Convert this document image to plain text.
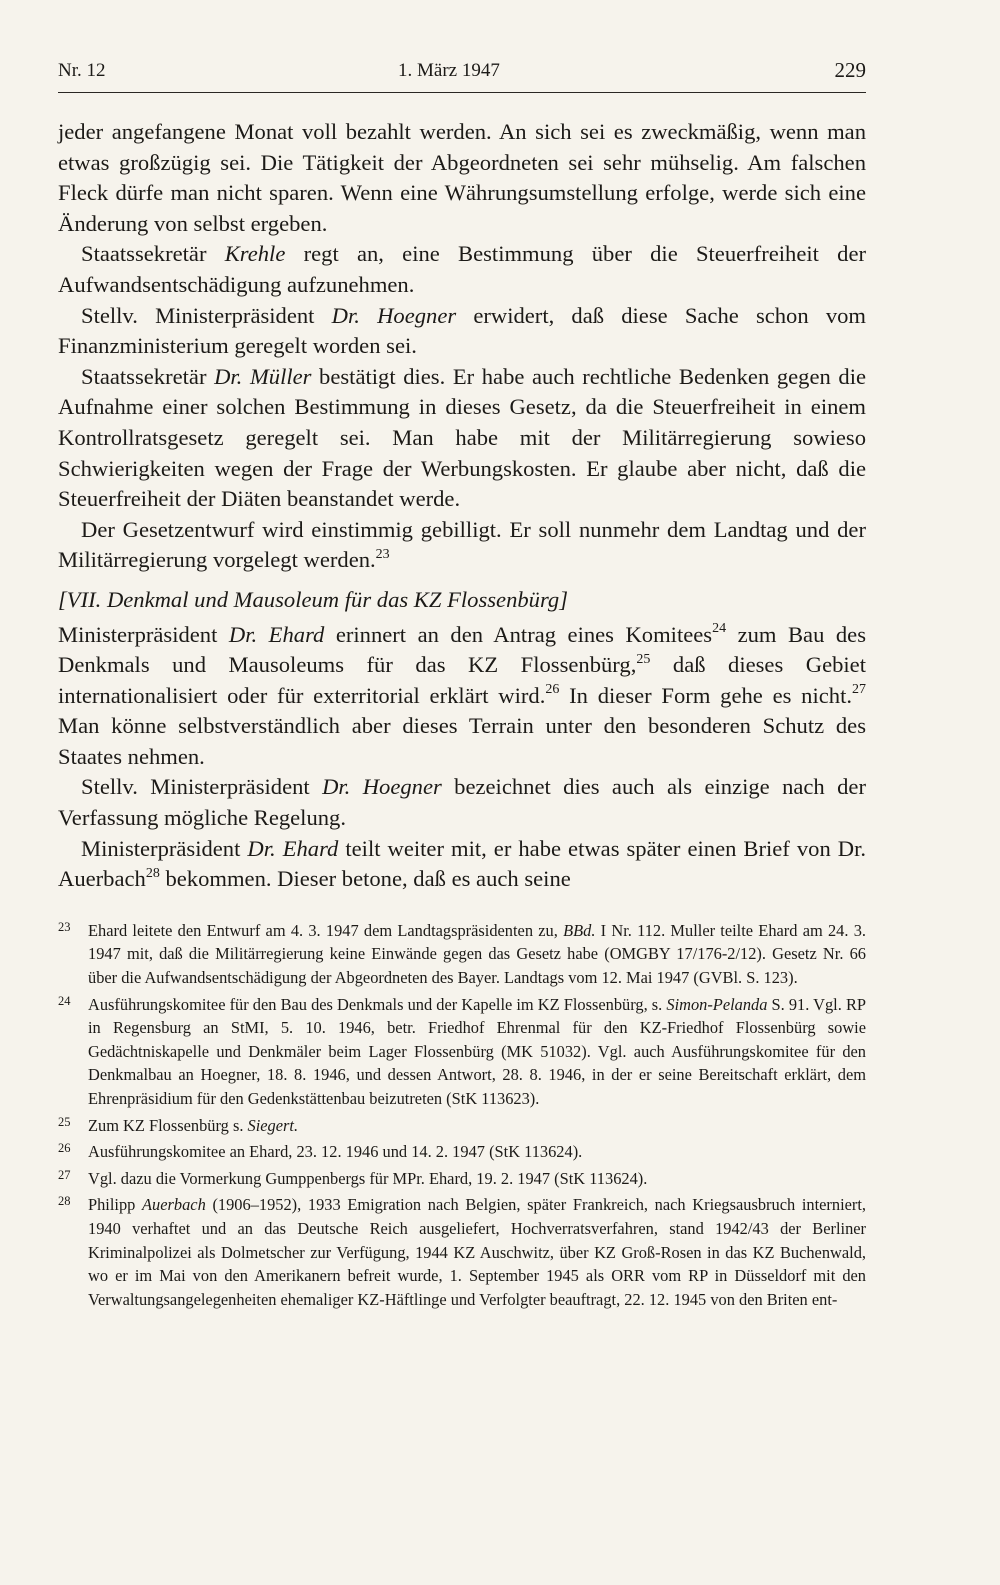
Nr. 12	1. März 1947	229

jeder angefangene Monat voll bezahlt werden. An sich sei es zweckmäßig, wenn man etwas großzügig sei. Die Tätigkeit der Abgeordneten sei sehr mühselig. Am falschen Fleck dürfe man nicht sparen. Wenn eine Währungsumstellung erfolge, werde sich eine Änderung von selbst ergeben.

Staatssekretär Krehle regt an, eine Bestimmung über die Steuerfreiheit der Aufwandsentschädigung aufzunehmen.

Stellv. Ministerpräsident Dr. Hoegner erwidert, daß diese Sache schon vom Finanzministerium geregelt worden sei.

Staatssekretär Dr. Müller bestätigt dies. Er habe auch rechtliche Bedenken gegen die Aufnahme einer solchen Bestimmung in dieses Gesetz, da die Steuerfreiheit in einem Kontrollratsgesetz geregelt sei. Man habe mit der Militärregierung sowieso Schwierigkeiten wegen der Frage der Werbungskosten. Er glaube aber nicht, daß die Steuerfreiheit der Diäten beanstandet werde.

Der Gesetzentwurf wird einstimmig gebilligt. Er soll nunmehr dem Landtag und der Militärregierung vorgelegt werden.$^{23}$

[VII. Denkmal und Mausoleum für das KZ Flossenbürg]

Ministerpräsident Dr. Ehard erinnert an den Antrag eines Komitees$^{24}$ zum Bau des Denkmals und Mausoleums für das KZ Flossenbürg,$^{25}$ daß dieses Gebiet internationalisiert oder für exterritorial erklärt wird.$^{26}$ In dieser Form gehe es nicht.$^{27}$ Man könne selbstverständlich aber dieses Terrain unter den besonderen Schutz des Staates nehmen.

Stellv. Ministerpräsident Dr. Hoegner bezeichnet dies auch als einzige nach der Verfassung mögliche Regelung.

Ministerpräsident Dr. Ehard teilt weiter mit, er habe etwas später einen Brief von Dr. Auerbach$^{28}$ bekommen. Dieser betone, daß es auch seine

23 Ehard leitete den Entwurf am 4. 3. 1947 dem Landtagspräsidenten zu, BBd. I Nr. 112. Muller teilte Ehard am 24. 3. 1947 mit, daß die Militärregierung keine Einwände gegen das Gesetz habe (OMGBY 17/176-2/12). Gesetz Nr. 66 über die Aufwandsentschädigung der Abgeordneten des Bayer. Landtags vom 12. Mai 1947 (GVBl. S. 123).
24 Ausführungskomitee für den Bau des Denkmals und der Kapelle im KZ Flossenbürg, s. Simon-Pelanda S. 91. Vgl. RP in Regensburg an StMI, 5. 10. 1946, betr. Friedhof Ehrenmal für den KZ-Friedhof Flossenbürg sowie Gedächtniskapelle und Denkmäler beim Lager Flossenbürg (MK 51032). Vgl. auch Ausführungskomitee für den Denkmalbau an Hoegner, 18. 8. 1946, und dessen Antwort, 28. 8. 1946, in der er seine Bereitschaft erklärt, dem Ehrenpräsidium für den Gedenkstättenbau beizutreten (StK 113623).
25 Zum KZ Flossenbürg s. Siegert.
26 Ausführungskomitee an Ehard, 23. 12. 1946 und 14. 2. 1947 (StK 113624).
27 Vgl. dazu die Vormerkung Gumppenbergs für MPr. Ehard, 19. 2. 1947 (StK 113624).
28 Philipp Auerbach (1906–1952), 1933 Emigration nach Belgien, später Frankreich, nach Kriegsausbruch interniert, 1940 verhaftet und an das Deutsche Reich ausgeliefert, Hochverratsverfahren, stand 1942/43 der Berliner Kriminalpolizei als Dolmetscher zur Verfügung, 1944 KZ Auschwitz, über KZ Groß-Rosen in das KZ Buchenwald, wo er im Mai von den Amerikanern befreit wurde, 1. September 1945 als ORR vom RP in Düsseldorf mit den Verwaltungsangelegenheiten ehemaliger KZ-Häftlinge und Verfolgter beauftragt, 22. 12. 1945 von den Briten ent-
